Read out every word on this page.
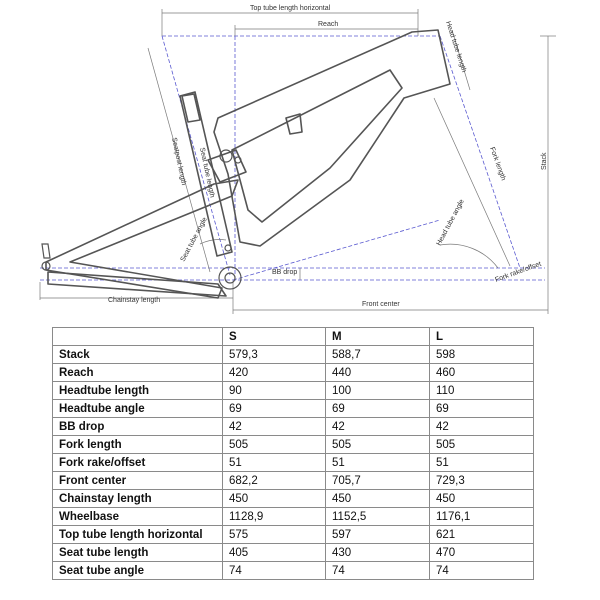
Top tube length horizontal
Reach	Head tube length
Fork length	Stack
Seatpost length Seat tube length
Seat tube angle	Head tube angle
BB drop
Chainstay length
Front center
Fork rake/offset
	S	M	L
Stack	579,3	588,7	598
Reach	420	440	460
Headtube length	90	100	110
Headtube angle	69	69	69
BB drop	42	42	42
Fork length	505	505	505
Fork rake/offset	51	51	51
Front center	682,2	705,7	729,3
Chainstay length	450	450	450
Wheelbase	1128,9	1152,5	1176,1
Top tube length horizontal	575	597	621
Seat tube length	405	430	470
Seat tube angle	74	74	74
